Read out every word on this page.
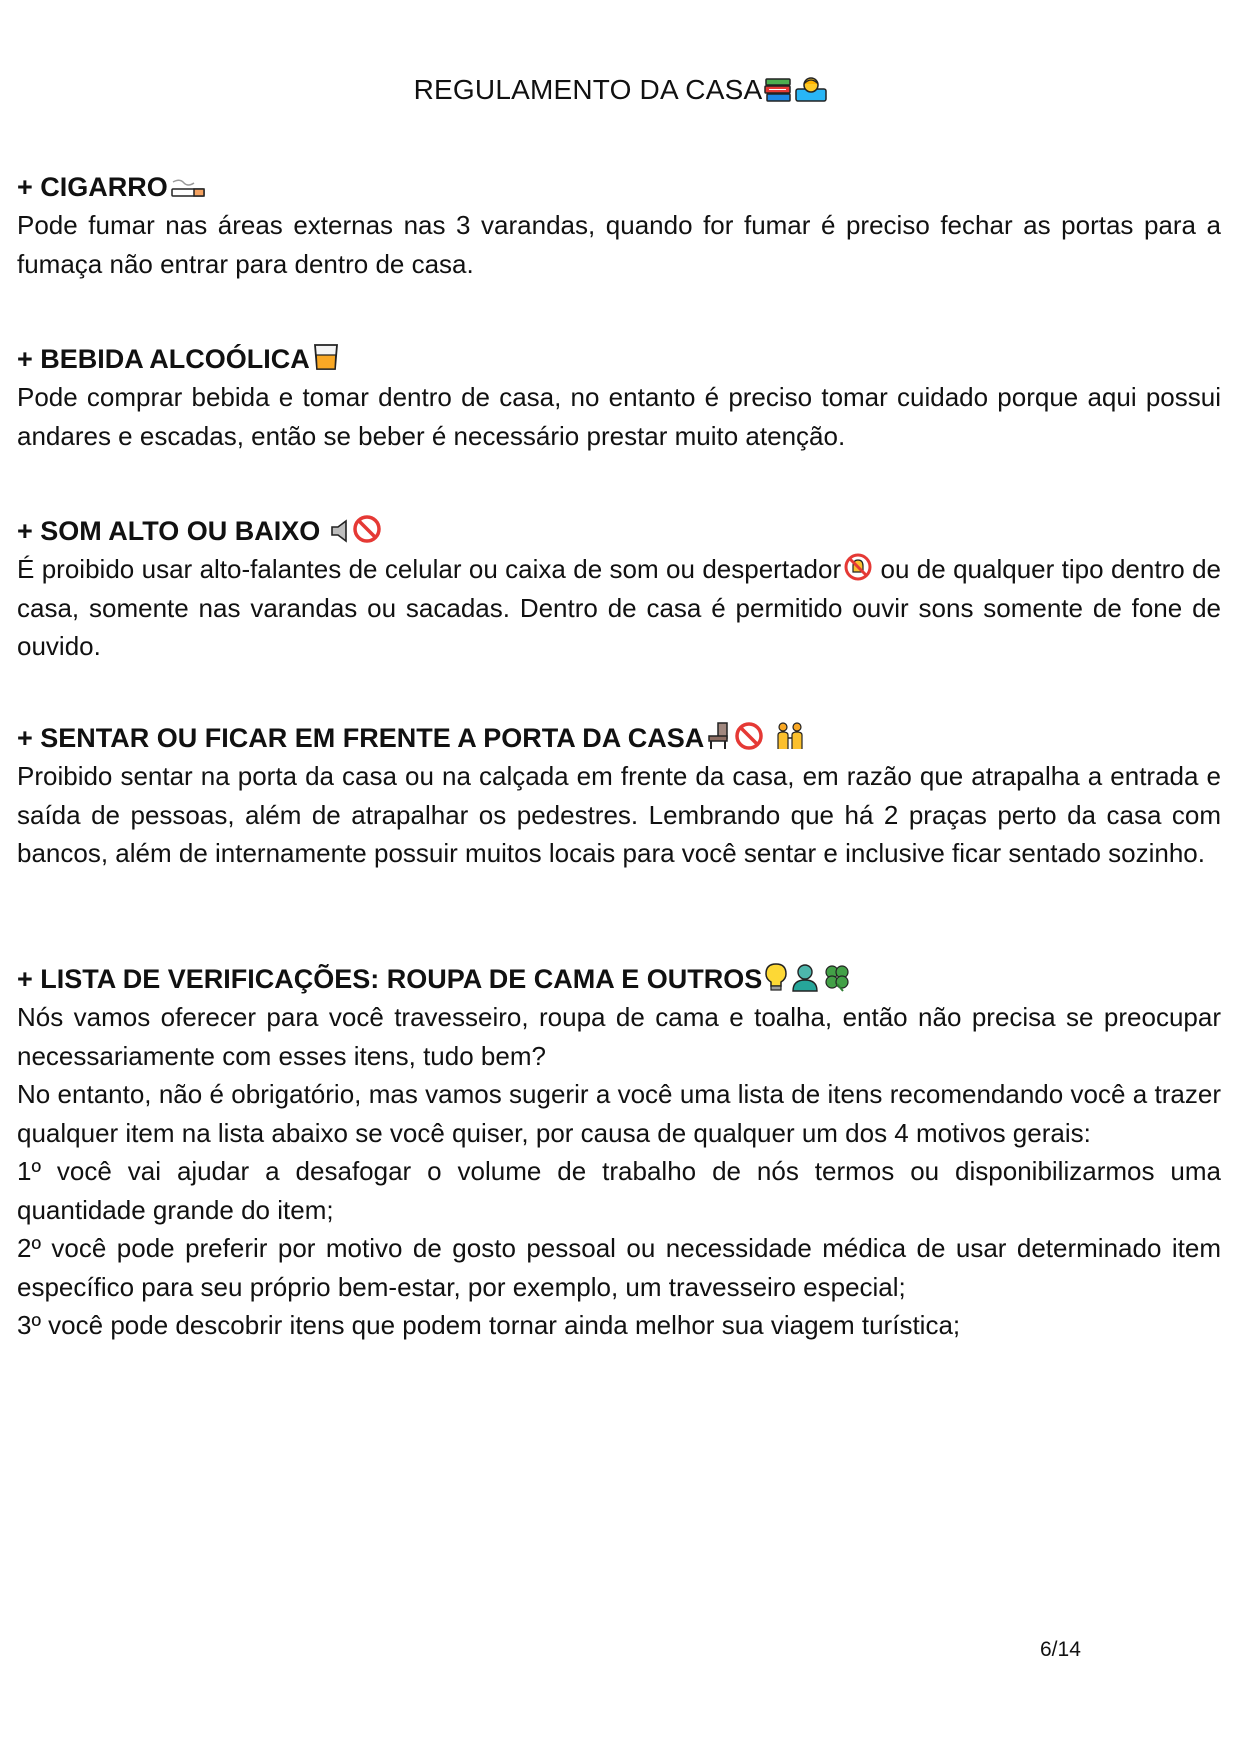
REGULAMENTO DA CASA
+ CIGARRO

Pode fumar nas áreas externas nas 3 varandas, quando for fumar é preciso fechar as portas para a fumaça não entrar para dentro de casa.

+ BEBIDA ALCOÓLICA

Pode comprar bebida e tomar dentro de casa, no entanto é preciso tomar cuidado porque aqui possui andares e escadas, então se beber é necessário prestar muito atenção.

+ SOM ALTO OU BAIXO

É proibido usar alto-falantes de celular ou caixa de som ou despertador
ou de qualquer tipo dentro de casa, somente nas varandas ou sacadas. Dentro de casa é permitido ouvir sons somente de fone de ouvido.

+ SENTAR OU FICAR EM FRENTE A PORTA DA CASA

Proibido sentar na porta da casa ou na calçada em frente da casa, em razão que atrapalha a entrada e saída de pessoas, além de atrapalhar os pedestres. Lembrando que há 2 praças perto da casa com bancos, além de internamente possuir muitos locais para você sentar e inclusive ficar sentado sozinho.

+ LISTA DE VERIFICAÇÕES: ROUPA DE CAMA E OUTROS

Nós vamos oferecer para você travesseiro, roupa de cama e toalha, então não precisa se preocupar necessariamente com esses itens, tudo bem?

No entanto, não é obrigatório, mas vamos sugerir a você uma lista de itens recomendando você a trazer qualquer item na lista abaixo se você quiser, por causa de qualquer um dos 4 motivos gerais:

1º você vai ajudar a desafogar o volume de trabalho de nós termos ou disponibilizarmos uma quantidade grande do item;

2º você pode preferir por motivo de gosto pessoal ou necessidade médica de usar determinado item específico para seu próprio bem-estar, por exemplo, um travesseiro especial;

3º você pode descobrir itens que podem tornar ainda melhor sua viagem turística;

6/14
